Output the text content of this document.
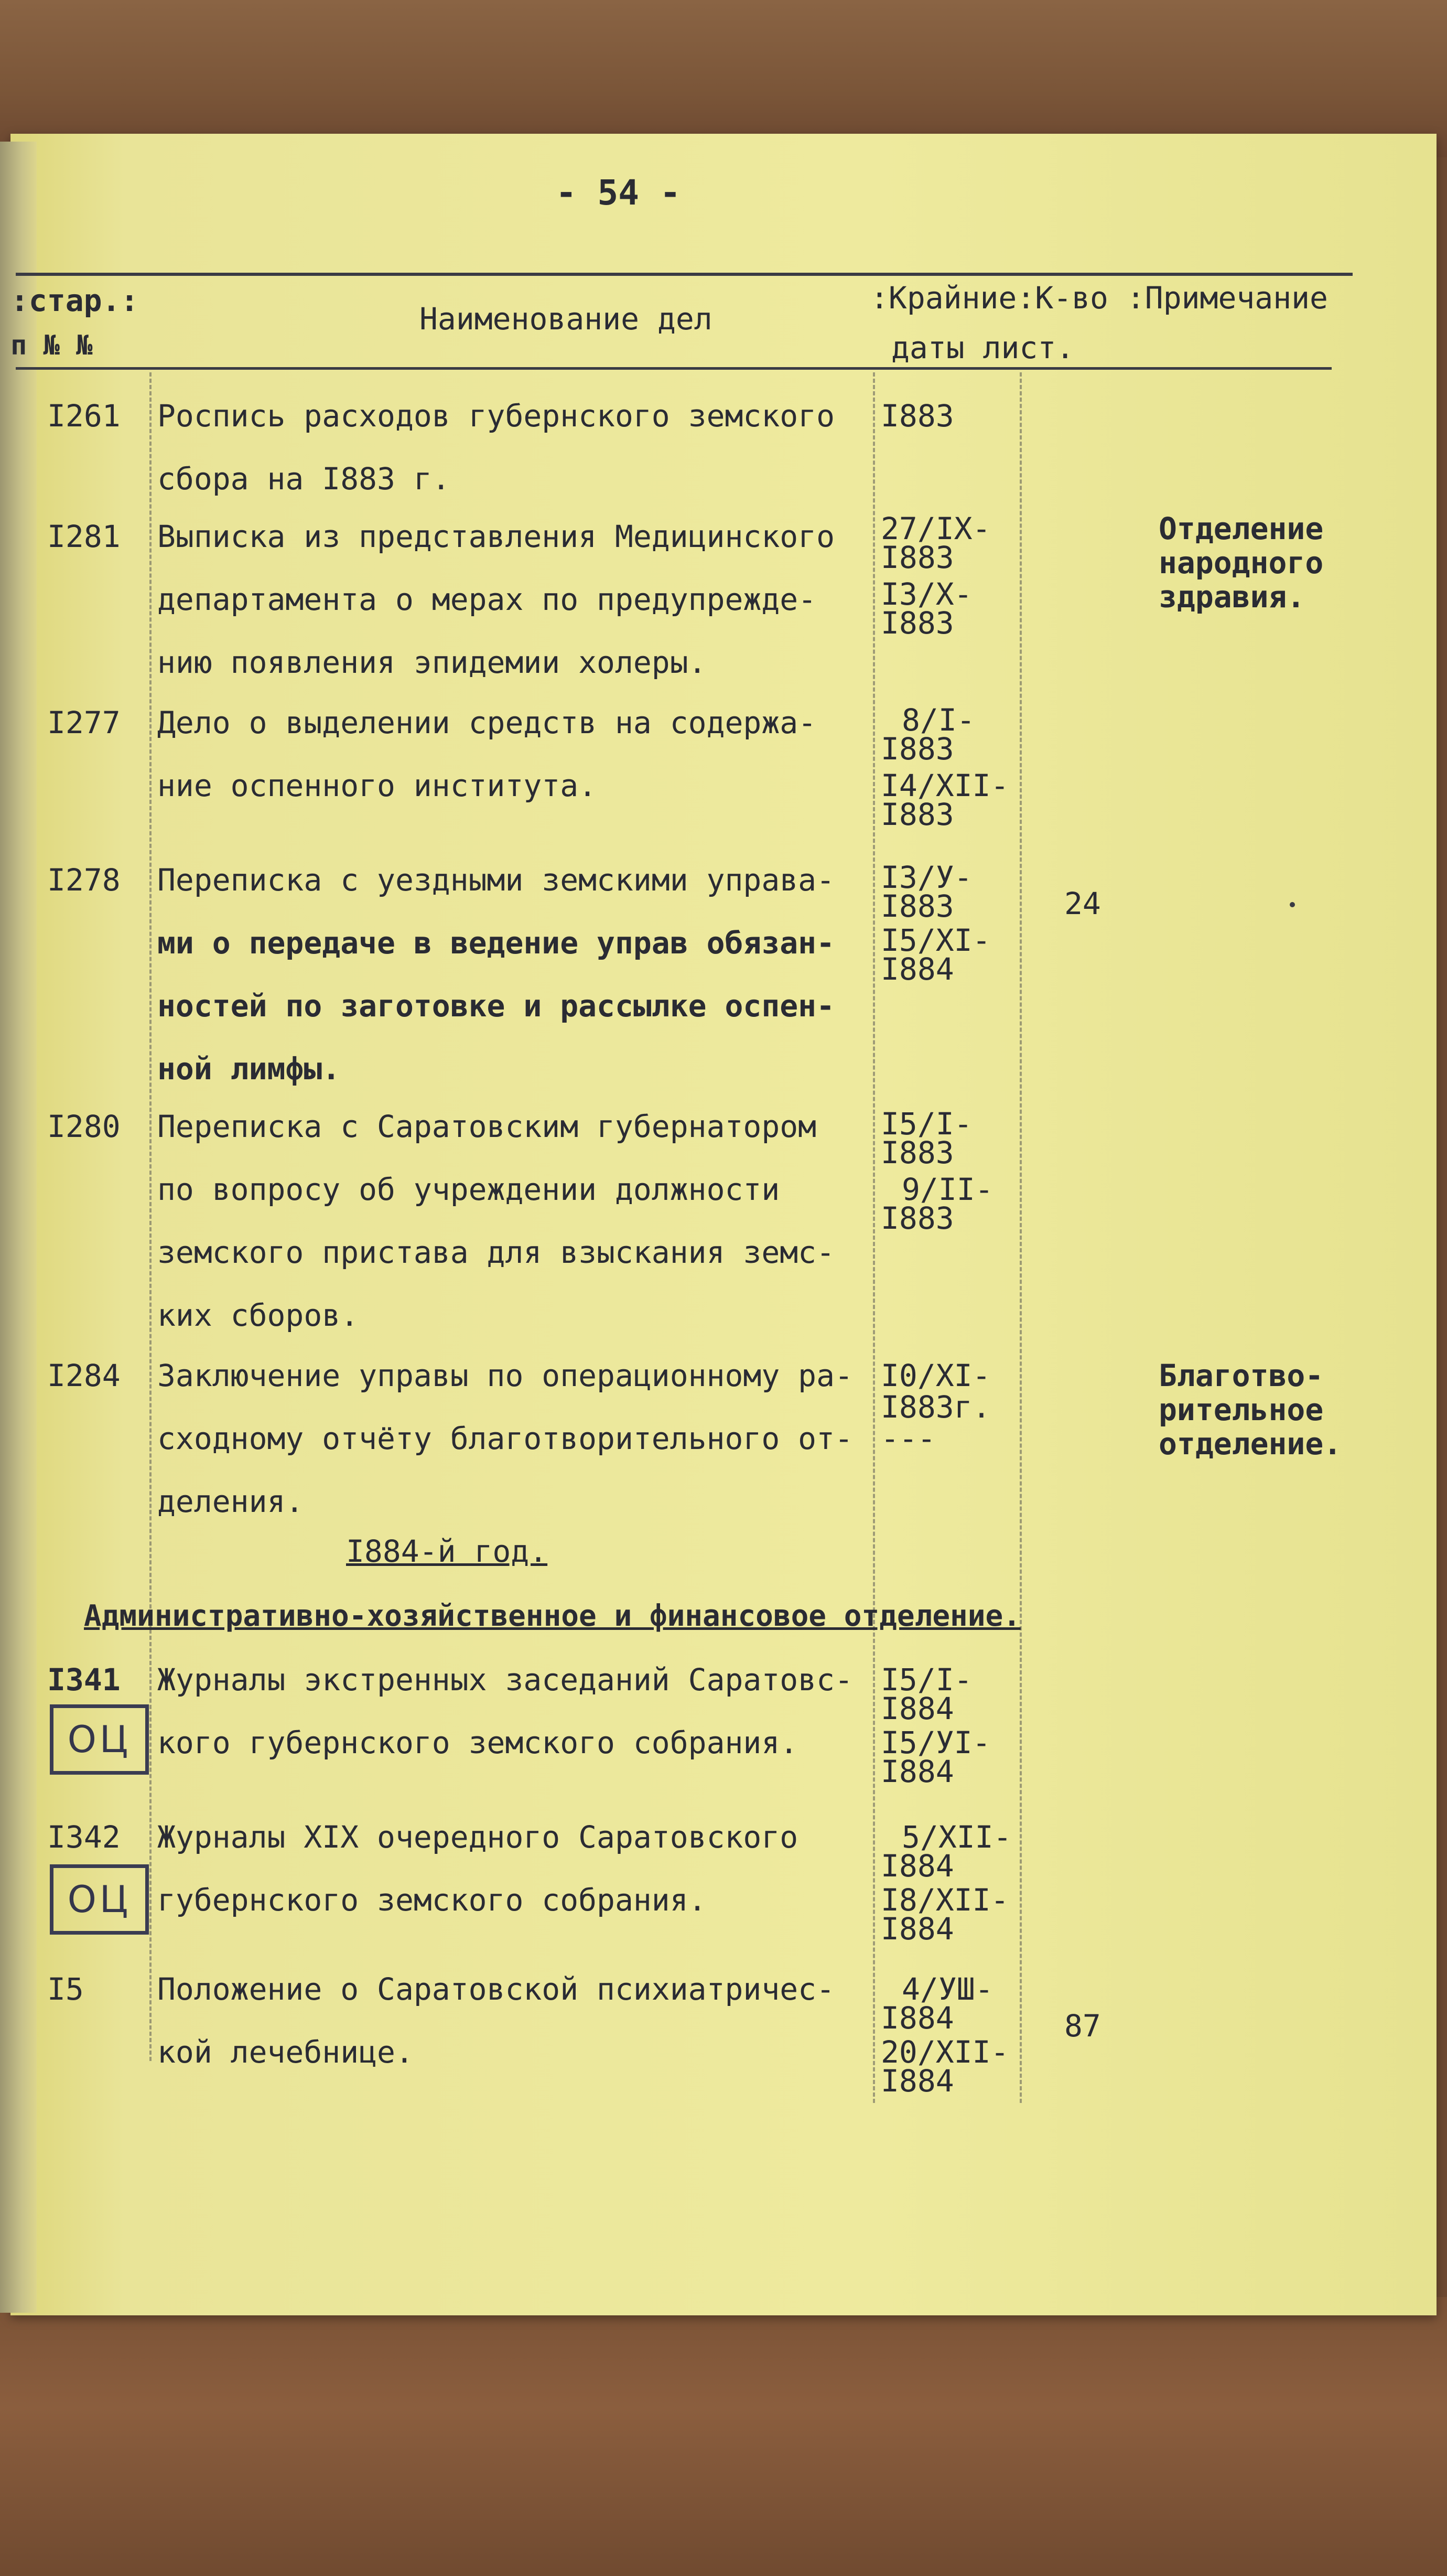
- 54 -
:стар.:
п № №
Наименование дел
:Крайние:К-во :Примечание
даты лист.
I261 Роспись расходов губернского земского
сбора на I883 г.
I883
I281 Выписка из представления Медицинского
департамента о мерах по предупрежде-
нию появления эпидемии холеры.
27/IX-
I883
I3/X-
I883
Отделение
народного
здравия.
I277 Дело о выделении средств на содержа-
ние оспенного института.
8/I-
I883
I4/XII-
I883
I278 Переписка с уездными земскими управа-
ми о передаче в ведение управ обязан-
ностей по заготовке и рассылке оспен-
ной лимфы.
I3/У-
I883
I5/XI-
I884
24
I280 Переписка с Саратовским губернатором
по вопросу об учреждении должности
земского пристава для взыскания земс-
ких сборов.
I5/I-
I883
9/II-
I883
I284 Заключение управы по операционному ра-
сходному отчёту благотворительного от-
деления.
I0/XI-
I883г.
---
Благотво-
рительное
отделение.
I884-й год.
Административно-хозяйственное и финансовое отделение.
I341 Журналы экстренных заседаний Саратовс-
кого губернского земского собрания.
ОЦ
I5/I-
I884
I5/УI-
I884
I342 Журналы XIX очередного Саратовского
губернского земского собрания.
ОЦ
5/XII-
I884
I8/XII-
I884
I5 Положение о Саратовской психиатричес-
кой лечебнице.
4/УШ-
I884
20/XII-
I884
87
